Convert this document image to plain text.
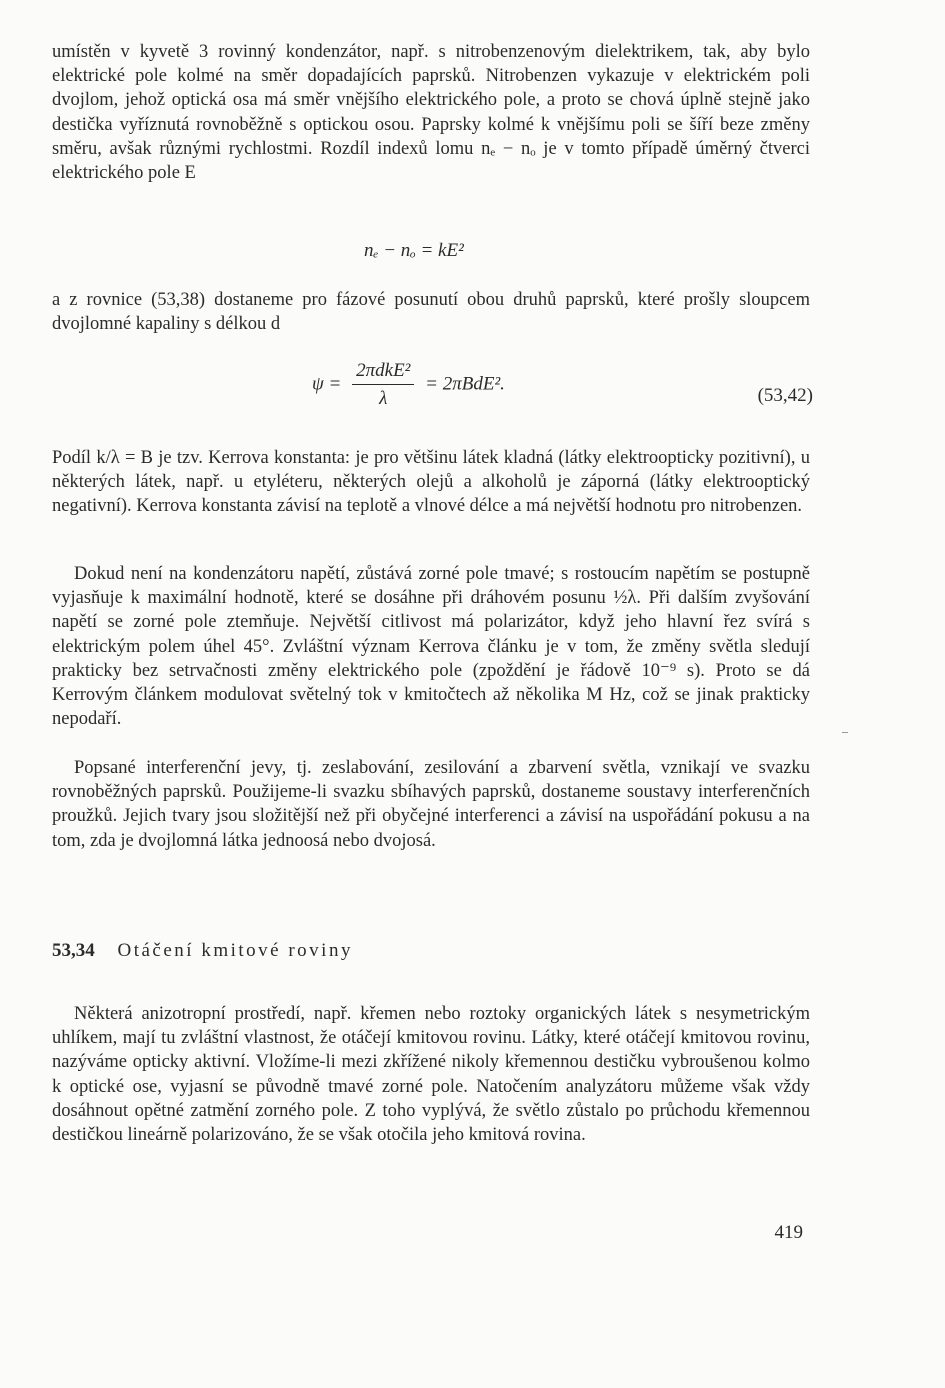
umístěn v kyvetě 3 rovinný kondenzátor, např. s nitrobenzenovým dielektrikem, tak, aby bylo elektrické pole kolmé na směr dopadajících paprsků. Nitrobenzen vykazuje v elektrickém poli dvojlom, jehož optická osa má směr vnějšího elektrického pole, a proto se chová úplně stejně jako destička vyříznutá rovnoběžně s optickou osou. Paprsky kolmé k vnějšímu poli se šíří beze změny směru, avšak různými rychlostmi. Rozdíl indexů lomu nₑ − nₒ je v tomto případě úměrný čtverci elektrického pole E

nₑ − nₒ = kE²

a z rovnice (53,38) dostaneme pro fázové posunutí obou druhů paprsků, které prošly sloupcem dvojlomné kapaliny s délkou d

$\psi = \frac{\text{2πdkE²}}{\lambda} = 2\pi BdE^2$.
(53,42)

Podíl k/λ = B je tzv. Kerrova konstanta: je pro většinu látek kladná (látky elektroopticky pozitivní), u některých látek, např. u etyléteru, některých olejů a alkoholů je záporná (látky elektrooptický negativní). Kerrova konstanta závisí na teplotě a vlnové délce a má největší hodnotu pro nitrobenzen.

Dokud není na kondenzátoru napětí, zůstává zorné pole tmavé; s rostoucím napětím se postupně vyjasňuje k maximální hodnotě, které se dosáhne při dráhovém posunu ½λ. Při dalším zvyšování napětí se zorné pole ztemňuje. Největší citlivost má polarizátor, když jeho hlavní řez svírá s elektrickým polem úhel 45°. Zvláštní význam Kerrova článku je v tom, že změny světla sledují prakticky bez setrvačnosti změny elektrického pole (zpoždění je řádově 10⁻⁹ s). Proto se dá Kerrovým článkem modulovat světelný tok v kmitočtech až několika M Hz, což se jinak prakticky nepodaří.

Popsané interferenční jevy, tj. zeslabování, zesilování a zbarvení světla, vznikají ve svazku rovnoběžných paprsků. Použijeme-li svazku sbíhavých paprsků, dostaneme soustavy interferenčních proužků. Jejich tvary jsou složitější než při obyčejné interferenci a závisí na uspořádání pokusu a na tom, zda je dvojlomná látka jednoosá nebo dvojosá.

53,34 Otáčení kmitové roviny

Některá anizotropní prostředí, např. křemen nebo roztoky organických látek s nesymetrickým uhlíkem, mají tu zvláštní vlastnost, že otáčejí kmitovou rovinu. Látky, které otáčejí kmitovou rovinu, nazýváme opticky aktivní. Vložíme-li mezi zkřížené nikoly křemennou destičku vybroušenou kolmo k optické ose, vyjasní se původně tmavé zorné pole. Natočením analyzátoru můžeme však vždy dosáhnout opětné zatmění zorného pole. Z toho vyplývá, že světlo zůstalo po průchodu křemennou destičkou lineárně polarizováno, že se však otočila jeho kmitová rovina.

419
